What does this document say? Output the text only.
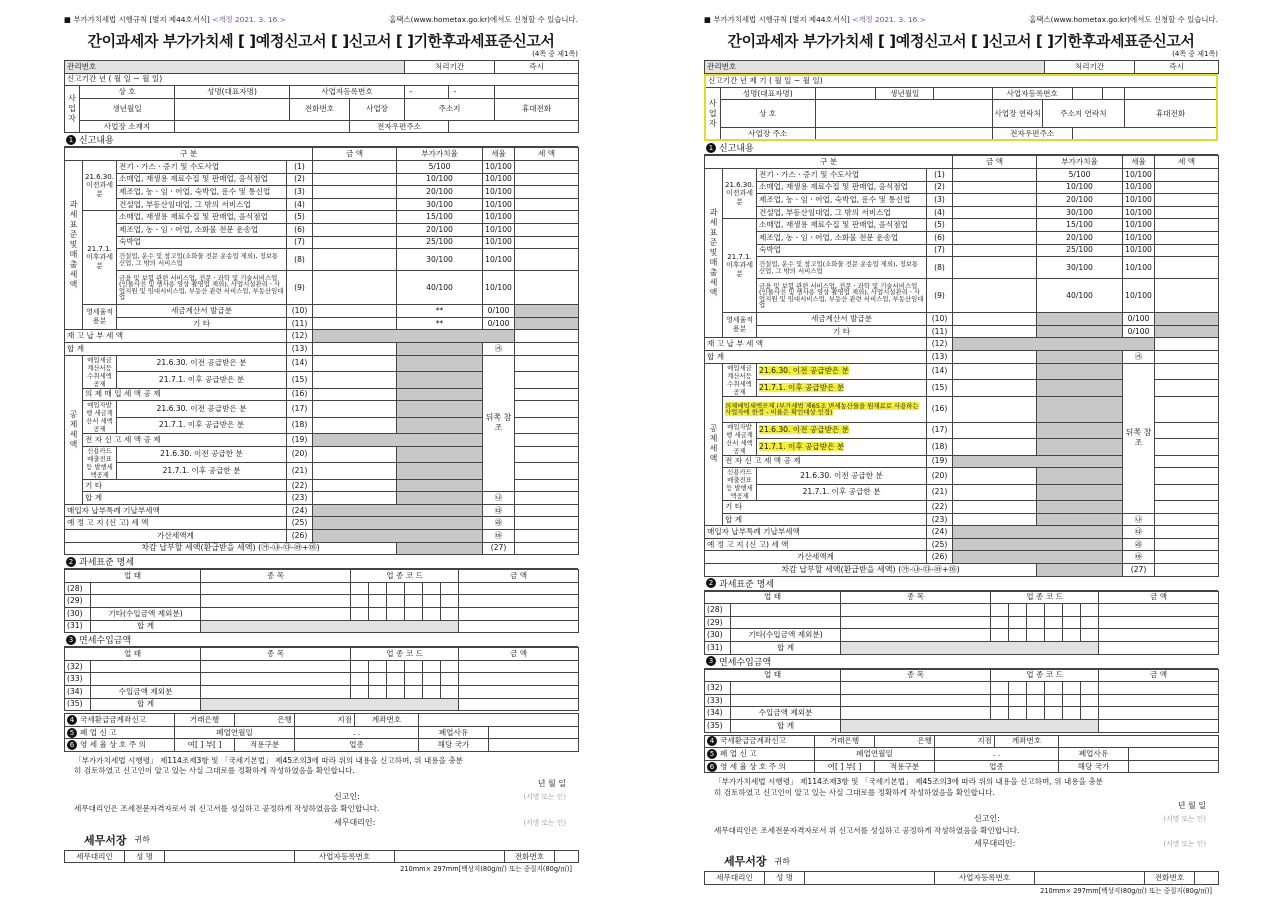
■ 부가가치세법 시행규칙 [별지 제44호서식] <개정 2021. 3. 16.>	홈택스(www.hometax.go.kr)에서도 신청할 수 있습니다.
간이과세자 부가가치세 [ ]예정신고서 [ ]신고서 [ ]기한후과세표준신고서
(4쪽 중 제1쪽)
관리번호					처리기간		즉시
신고기간 년 ( 월 일 ~ 월 일)							
사업자	상 호	성명(대표자명)	사업자등록번호		-	-	
	생년월일		전화번호	사업장	주소지		휴대전화
	사업장 소재지			전자우편주소			
1 신고내용
구 분				금 액	부가가치율	세율	세 액
과세표준및매출세액	21.6.30.이전과세분	전기ㆍ가스ㆍ증기 및 수도사업	(1)		5/100	10/100	
		소매업, 재생용 재료수집 및 판매업, 음식점업	(2)		10/100	10/100	
		제조업, 농ㆍ임ㆍ어업, 숙박업, 운수 및 통신업	(3)		20/100	10/100	
		건설업, 부동산임대업, 그 밖의 서비스업	(4)		30/100	10/100	
	21.7.1.이후과세분	소매업, 재생용 재료수집 및 판매업, 음식점업	(5)		15/100	10/100	
		제조업, 농ㆍ임ㆍ어업, 소화물 전문 운송업	(6)		20/100	10/100	
		숙박업	(7)		25/100	10/100	
		건설업, 운수 및 창고업(소화물 전문 운송업 제외), 정보통신업, 그 밖의 서비스업	(8)		30/100	10/100	
		금융 및 보험 관련 서비스업, 전문ㆍ과학 및 기술서비스업(인물사진 및 행사용 영상 촬영업 제외), 사업시설관리ㆍ사업지원 및 임대서비스업, 부동산 관련 서비스업, 부동산임대업	(9)		40/100	10/100	
	영세율적용분	세금계산서 발급분	(10)		**	0/100	
		기 타	(11)		**	0/100	
재 고 납 부 세 액			(12)				
합 계			(13)			㉮	
공제세액	매입세금계산서등 수취세액공제	21.6.30. 이전 공급받은 분	(14)			뒤쪽 참조	
		21.7.1. 이후 공급받은 분	(15)				
	의 제 매 입 세 액 공 제		(16)				
	매입자발행 세금계산서 세액공제	21.6.30. 이전 공급받은 분	(17)				
		21.7.1. 이후 공급받은 분	(18)				
	전 자 신 고 세 액 공 제		(19)				
	신용카드매출전표등 발행세액공제	21.6.30. 이전 공급한 분	(20)				
		21.7.1. 이후 공급한 분	(21)				
	기 타		(22)				
	합 계		(23)			㉯	
매입자 납부특례 기납부세액			(24)			㉰	
예 정 고 지 (신 고) 세 액			(25)			㉱	
가산세액계			(26)			㉲	
차감 납부할 세액(환급받을 세액) (㉮-㉯-㉰-㉱+㉲)						(27)	
2 과세표준 명세
업 태		종 목	업 종 코 드						금 액
(28)									
(29)									
(30)	기타(수입금액 제외분)								
(31)	합 계								
3 면세수입금액
업 태		종 목	업 종 코 드						금 액
(32)									
(33)									
(34)	수입금액 제외분								
(35)	합 계								
4 국세환급금계좌신고	거래은행	은행	지점	계좌번호		
5 폐 업 신 고	폐업연월일		. .		폐업사유	
6 영 세 율 상 호 주 의	여[ ] 부[ ]	적용구분	업종		해당 국가	
「부가가치세법 시행령」 제114조제3항 및 「국세기본법」 제45조의3에 따라 위의 내용을 신고하며, 위 내용을 충분
히 검토하였고 신고인이 알고 있는 사실 그대로를 정확하게 작성하였음을 확인합니다.
년 월 일
신고인:	(서명 또는 인)
세무대리인은 조세전문자격자로서 위 신고서를 성실하고 공정하게 작성하였음을 확인합니다.
세무대리인:	(서명 또는 인)
세무서장 귀하
세무대리인	성 명		사업자등록번호		전화번호	
210mm× 297mm[백상지(80g/㎡) 또는 중질지(80g/㎡)]
■ 부가가치세법 시행규칙 [별지 제44호서식] <개정 2021. 3. 16.>	홈택스(www.hometax.go.kr)에서도 신청할 수 있습니다.
간이과세자 부가가치세 [ ]예정신고서 [ ]신고서 [ ]기한후과세표준신고서
(4쪽 중 제1쪽)
관리번호	처리기간	즉시
신고기간 년 제 기 ( 월 일 ~ 월 일)									
사업자	성명(대표자명)		생년월일		사업자등록번호				
	상 호				사업장 연락처	주소지 연락처			휴대전화
	사업장 주소				전자우편주소				
1 신고내용
구 분				금 액	부가가치율	세율	세 액
과세표준및매출세액	21.6.30.이전과세분	전기ㆍ가스ㆍ증기 및 수도사업	(1)		5/100	10/100	
		소매업, 재생용 재료수집 및 판매업, 음식점업	(2)		10/100	10/100	
		제조업, 농ㆍ임ㆍ어업, 숙박업, 운수 및 통신업	(3)		20/100	10/100	
		건설업, 부동산임대업, 그 밖의 서비스업	(4)		30/100	10/100	
	21.7.1.이후과세분	소매업, 재생용 재료수집 및 판매업, 음식점업	(5)		15/100	10/100	
		제조업, 농ㆍ임ㆍ어업, 소화물 전문 운송업	(6)		20/100	10/100	
		숙박업	(7)		25/100	10/100	
		건설업, 운수 및 창고업(소화물 전문 운송업 제외), 정보통신업, 그 밖의 서비스업	(8)		30/100	10/100	
		금융 및 보험 관련 서비스업, 전문ㆍ과학 및 기술서비스업(인물사진 및 행사용 영상 촬영업 제외), 사업시설관리ㆍ사업지원 및 임대서비스업, 부동산 관련 서비스업, 부동산임대업	(9)		40/100	10/100	
	영세율적용분	세금계산서 발급분	(10)			0/100	
		기 타	(11)			0/100	
재 고 납 부 세 액			(12)				
합 계			(13)			㉮	
공제세액	매입세금계산서등 수취세액공제	21.6.30. 이전 공급받은 분	(14)			뒤쪽 참조	
		21.7.1. 이후 공급받은 분	(15)				
	의제매입세액공제 (부가세법 제65조 면세농산물을 원재료로 사용하는 사업자에 한정 - 비율은 확인대상 인정)		(16)				
	매입자발행 세금계산서 세액공제	21.6.30. 이전 공급받은 분	(17)				
		21.7.1. 이후 공급받은 분	(18)				
	전 자 신 고 세 액 공 제		(19)				
	신용카드매출전표등 발행세액공제	21.6.30. 이전 공급한 분	(20)				
		21.7.1. 이후 공급한 분	(21)				
	기 타		(22)				
	합 계		(23)			㉯	
매입자 납부특례 기납부세액			(24)			㉰	
예 정 고 지 (신 고) 세 액			(25)			㉱	
가산세액계			(26)			㉲	
차감 납부할 세액(환급받을 세액) (㉮-㉯-㉰-㉱+㉲)						(27)	
2 과세표준 명세
업 태		종 목	업 종 코 드						금 액
(28)									
(29)									
(30)	기타(수입금액 제외분)								
(31)	합 계								
3 면세수입금액
업 태		종 목	업 종 코 드						금 액
(32)									
(33)									
(34)	수입금액 제외분								
(35)	합 계								
4 국세환급금계좌신고	거래은행	은행	지점	계좌번호		
5 폐 업 신 고	폐업연월일		. .		폐업사유	
6 영 세 율 상 호 주 의	여[ ] 부[ ]	적용구분	업종		해당 국가	
「부가가치세법 시행령」 제114조제3항 및 「국세기본법」 제45조의3에 따라 위의 내용을 신고하며, 위 내용을 충분
히 검토하였고 신고인이 알고 있는 사실 그대로를 정확하게 작성하였음을 확인합니다.
년 월 일
신고인:	(서명 또는 인)
세무대리인은 조세전문자격자로서 위 신고서를 성실하고 공정하게 작성하였음을 확인합니다.
세무대리인:	(서명 또는 인)
세무서장 귀하
세무대리인	성 명		사업자등록번호		전화번호	
210mm× 297mm[백상지(80g/㎡) 또는 중질지(80g/㎡)]
